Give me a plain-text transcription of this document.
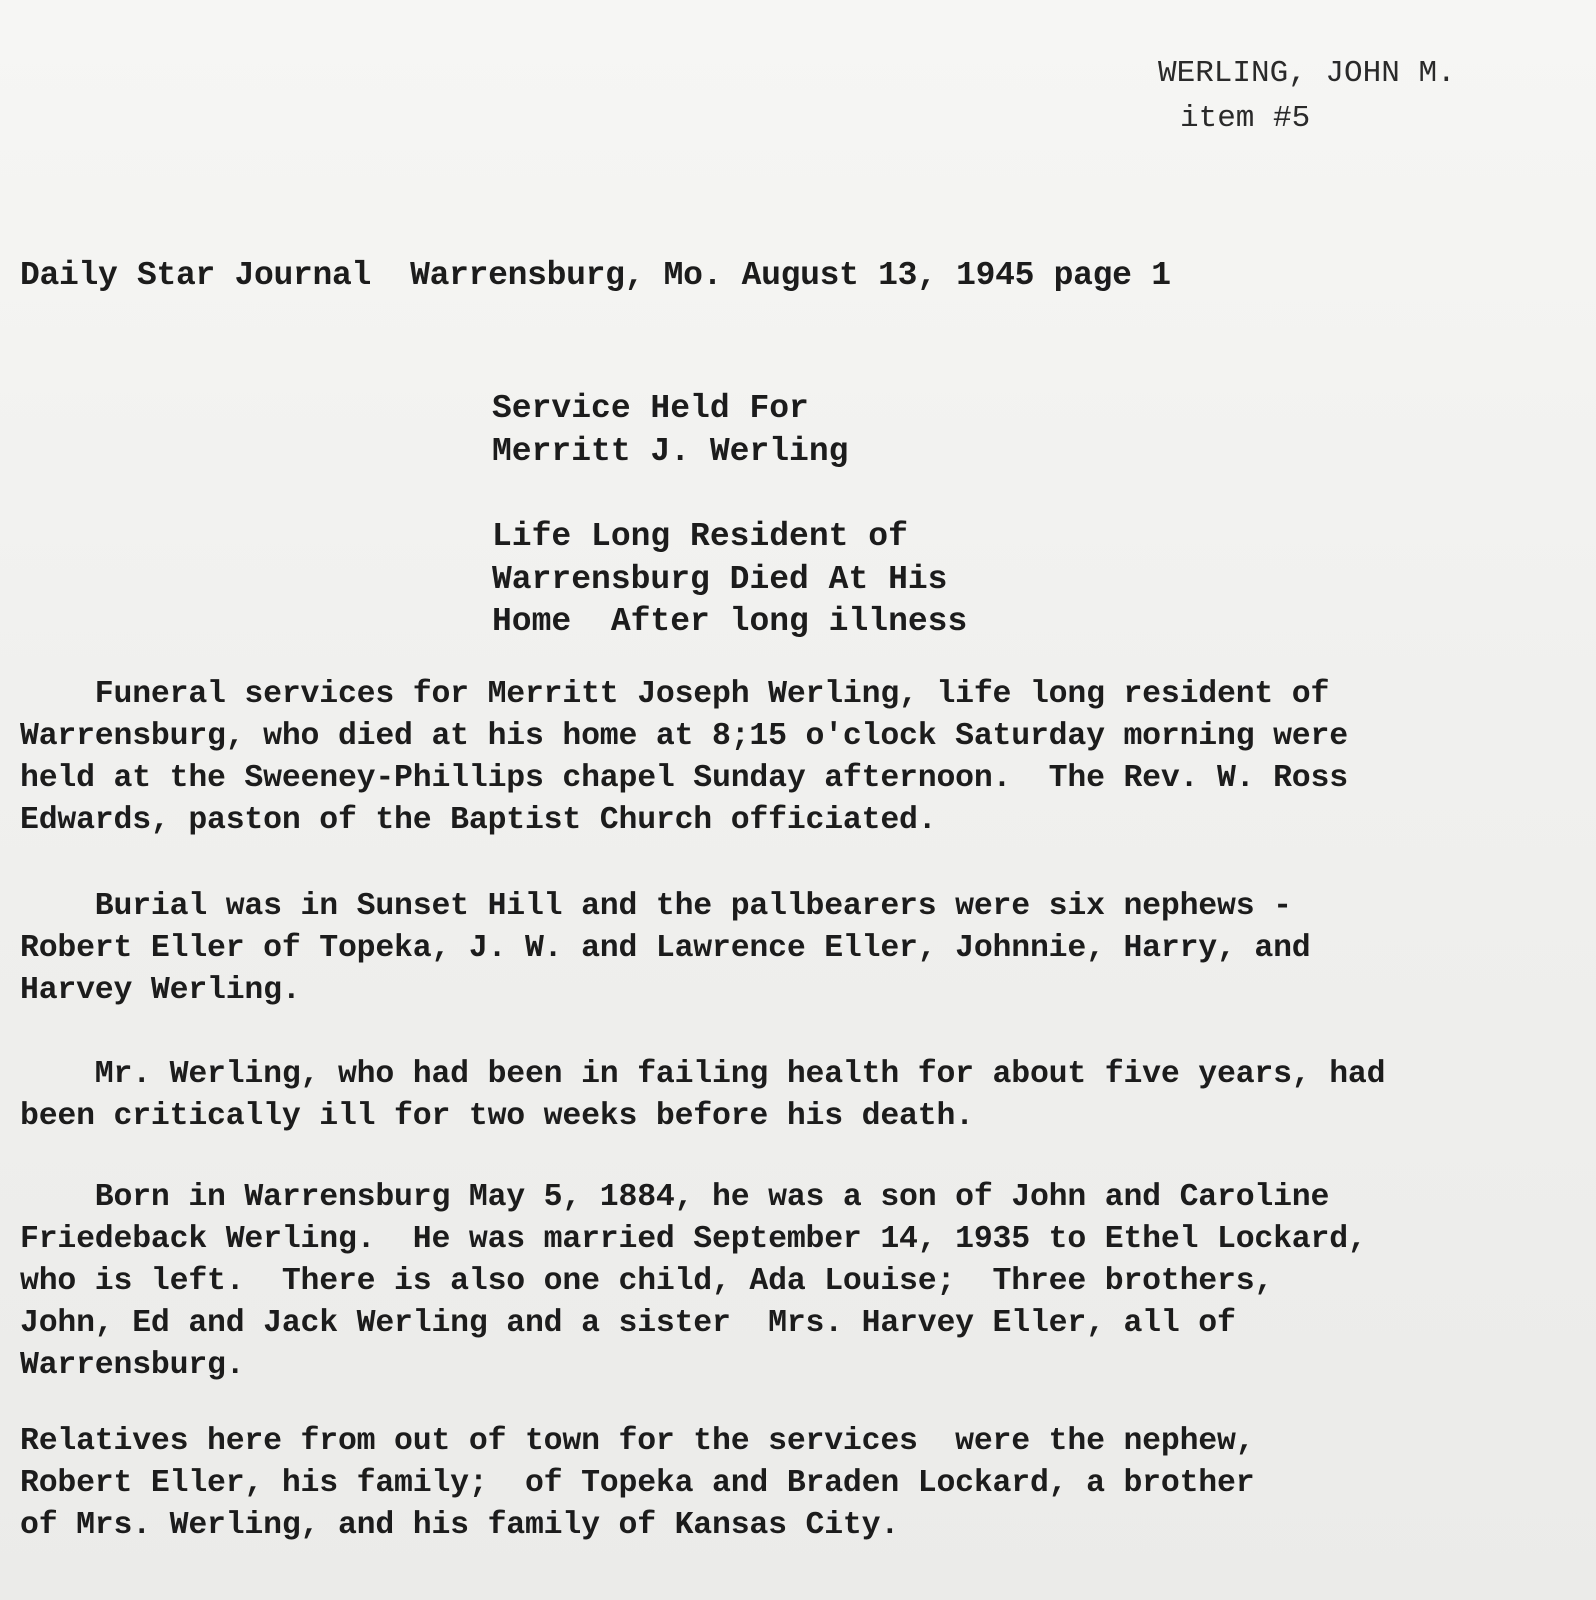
WERLING, JOHN M.
item #5
Daily Star Journal  Warrensburg, Mo. August 13, 1945 page 1
Service Held For
Merritt J. Werling
Life Long Resident of
Warrensburg Died At His
Home  After long illness
Funeral services for Merritt Joseph Werling, life long resident of
Warrensburg, who died at his home at 8;15 o'clock Saturday morning were
held at the Sweeney-Phillips chapel Sunday afternoon.  The Rev. W. Ross
Edwards, paston of the Baptist Church officiated.
Burial was in Sunset Hill and the pallbearers were six nephews -
Robert Eller of Topeka, J. W. and Lawrence Eller, Johnnie, Harry, and
Harvey Werling.
Mr. Werling, who had been in failing health for about five years, had
been critically ill for two weeks before his death.
Born in Warrensburg May 5, 1884, he was a son of John and Caroline
Friedeback Werling.  He was married September 14, 1935 to Ethel Lockard,
who is left.  There is also one child, Ada Louise;  Three brothers,
John, Ed and Jack Werling and a sister  Mrs. Harvey Eller, all of
Warrensburg.
Relatives here from out of town for the services  were the nephew,
Robert Eller, his family;  of Topeka and Braden Lockard, a brother
of Mrs. Werling, and his family of Kansas City.
